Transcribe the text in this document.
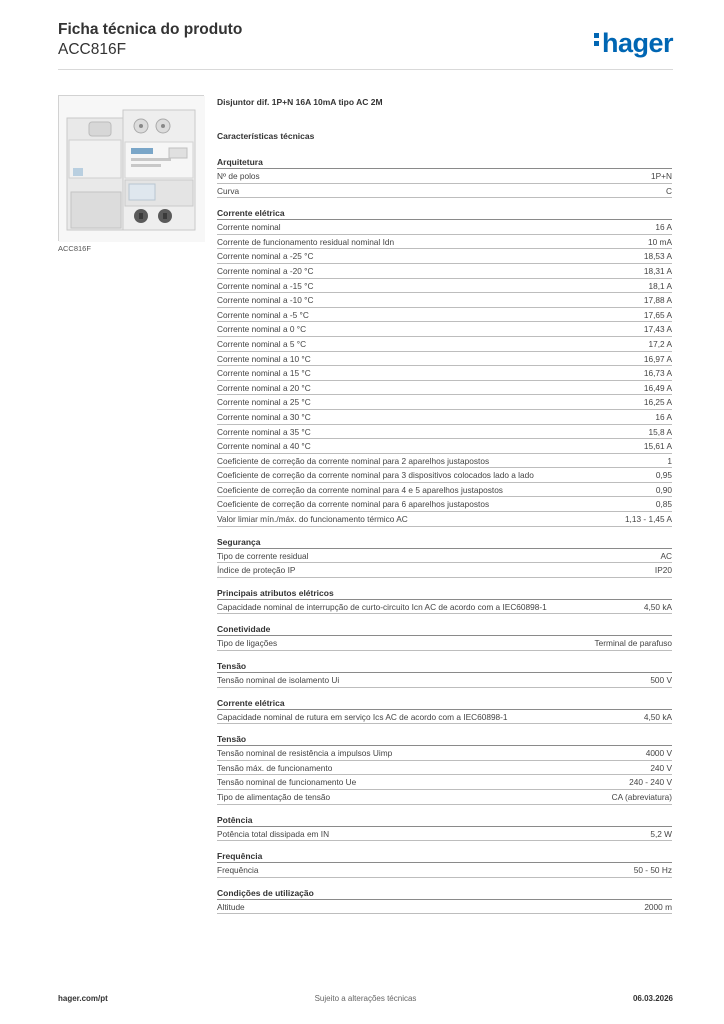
Ficha técnica do produto
ACC816F	hager
ACC816F
Disjuntor dif. 1P+N 16A 10mA tipo AC 2M
Características técnicas
Arquitetura
Nº de polos	1P+N
Curva	C
Corrente elétrica
Corrente nominal	16 A
Corrente de funcionamento residual nominal Idn	10 mA
Corrente nominal a -25 °C	18,53 A
Corrente nominal a -20 °C	18,31 A
Corrente nominal a -15 °C	18,1 A
Corrente nominal a -10 °C	17,88 A
Corrente nominal a -5 °C	17,65 A
Corrente nominal a 0 °C	17,43 A
Corrente nominal a 5 °C	17,2 A
Corrente nominal a 10 °C	16,97 A
Corrente nominal a 15 °C	16,73 A
Corrente nominal a 20 °C	16,49 A
Corrente nominal a 25 °C	16,25 A
Corrente nominal a 30 °C	16 A
Corrente nominal a 35 °C	15,8 A
Corrente nominal a 40 °C	15,61 A
Coeficiente de correção da corrente nominal para 2 aparelhos justapostos	1
Coeficiente de correção da corrente nominal para 3 dispositivos colocados lado a lado	0,95
Coeficiente de correção da corrente nominal para 4 e 5 aparelhos justapostos	0,90
Coeficiente de correção da corrente nominal para 6 aparelhos justapostos	0,85
Valor limiar mín./máx. do funcionamento térmico AC	1,13 - 1,45 A
Segurança
Tipo de corrente residual	AC
Índice de proteção IP	IP20
Principais atributos elétricos
Capacidade nominal de interrupção de curto-circuito Icn AC de acordo com a IEC60898-1	4,50 kA
Conetividade
Tipo de ligações	Terminal de parafuso
Tensão
Tensão nominal de isolamento Ui	500 V
Corrente elétrica
Capacidade nominal de rutura em serviço Ics AC de acordo com a IEC60898-1	4,50 kA
Tensão
Tensão nominal de resistência a impulsos Uimp	4000 V
Tensão máx. de funcionamento	240 V
Tensão nominal de funcionamento Ue	240 - 240 V
Tipo de alimentação de tensão	CA (abreviatura)
Potência
Potência total dissipada em IN	5,2 W
Frequência
Frequência	50 - 50 Hz
Condições de utilização
Altitude	2000 m
hager.com/pt	Sujeito a alterações técnicas	06.03.2026
